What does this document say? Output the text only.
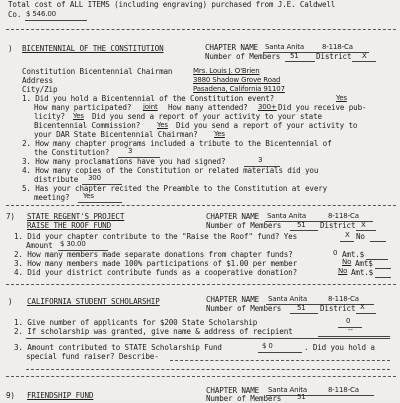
Total cost of ALL ITEMS (including engraving) purchased from J.E. Caldwell
Co. $ 546.00
) BICENTENNIAL OF THE CONSTITUTION	CHAPTER NAME Santa Anita	8-118-Ca
Number of Members 51 District X
Constitution Bicentennial Chairman	Mrs. Louis J. O'Brien
Address	3880 Shadow Grove Road
City/Zip	Pasadena, California 91107
1. Did you hold a Bicentennial of the Constitution event?	Yes
How many participated? joint How many attended? 300+ Did you receive pub-
licity? Yes Did you send a report of your activity to your state
Bicentennial Commission? Yes Did you send a report of your activity to
your DAR State Bicentennial Chairman? Yes
2. How many chapter programs included a tribute to the Bicentennial of
the Constitution?	3
3. How many proclamations have you had signed?	3
4. How many copies of the Constitution or related materials did you
distribute 300
5. Has your chapter recited the Preamble to the Constitution at every
meeting? Yes
7) STATE REGENT'S PROJECT
RAISE THE ROOF FUND
CHAPTER NAME Santa Anita	8-118-Ca
Number of Members 51 District X
1. Did your chapter contribute to the "Raise the Roof" fund? Yes	X No
Amount $ 30.00
2. How many members made separate donations from chapter funds?	0 Amt.$
3. How many members made 100% participations of $1.00 per member	No Amt$
4. Did your district contribute funds as a cooperative donation?	No Amt.$
) CALIFORNIA STUDENT SCHOLARSHIP	CHAPTER NAME Santa Anita	8-118-Ca
Number of Members 51 District X
1. Give number of applicants for $200 State Scholarship	0
2. If scholarship was granted, give name & address of recipient	--
3. Amount contributed to STATE Scholarship Fund	$ 0	. Did you hold a
special fund raiser? Describe-
9) FRIENDSHIP FUND
CHAPTER NAME Santa Anita	8-118-Ca
Number of Members 51
